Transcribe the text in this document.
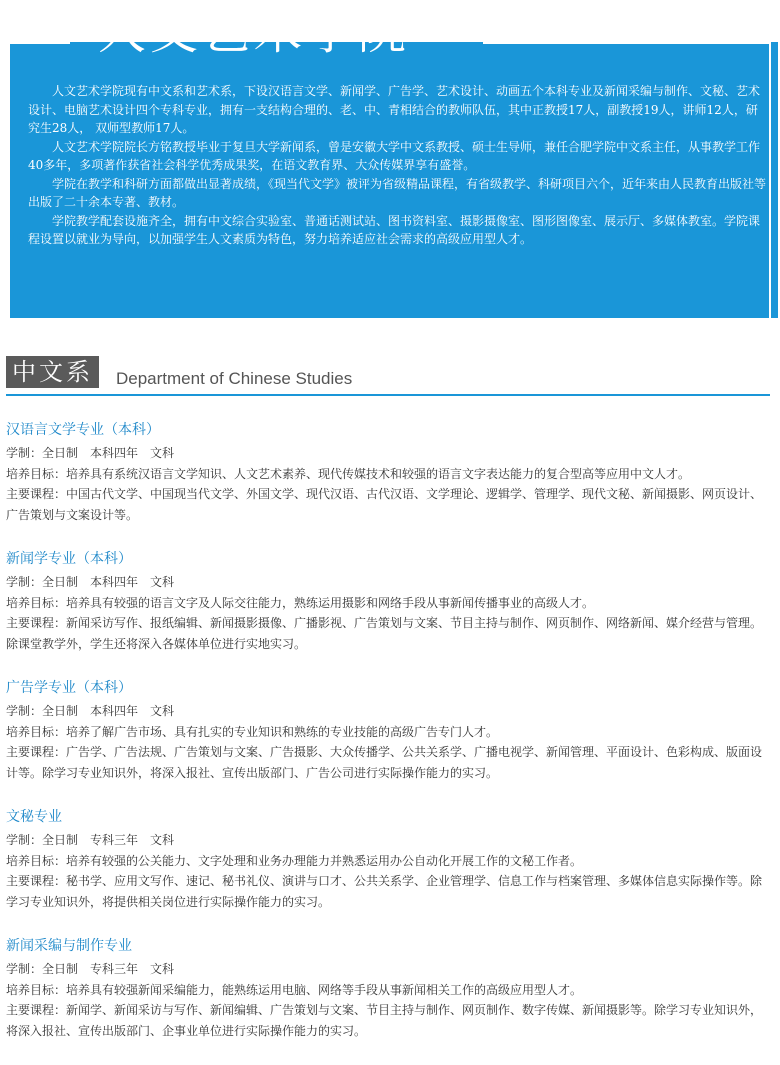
人文艺术学院

人文艺术学院现有中文系和艺术系，下设汉语言文学、新闻学、广告学、艺术设计、动画五个本科专业及新闻采编与制作、文秘、艺术设计、电脑艺术设计四个专科专业，拥有一支结构合理的、老、中、青相结合的教师队伍，其中正教授17人，副教授19人，讲师12人，研究生28人， 双师型教师17人。

人文艺术学院院长方铭教授毕业于复旦大学新闻系，曾是安徽大学中文系教授、硕士生导师，兼任合肥学院中文系主任，从事教学工作40多年，多项著作获省社会科学优秀成果奖，在语文教育界、大众传媒界享有盛誉。

学院在教学和科研方面都做出显著成绩，《现当代文学》被评为省级精品课程，有省级教学、科研项目六个，近年来由人民教育出版社等出版了二十余本专著、教材。

学院教学配套设施齐全，拥有中文综合实验室、普通话测试站、图书资料室、摄影摄像室、图形图像室、展示厅、多媒体教室。学院课程设置以就业为导向，以加强学生人文素质为特色，努力培养适应社会需求的高级应用型人才。

中文系	Department of Chinese Studies
汉语言文学专业（本科）

学制：全日制　本科四年　文科

培养目标：培养具有系统汉语言文学知识、人文艺术素养、现代传媒技术和较强的语言文字表达能力的复合型高等应用中文人才。

主要课程：中国古代文学、中国现当代文学、外国文学、现代汉语、古代汉语、文学理论、逻辑学、管理学、现代文秘、新闻摄影、网页设计、广告策划与文案设计等。

新闻学专业（本科）

学制：全日制　本科四年　文科

培养目标：培养具有较强的语言文字及人际交往能力，熟练运用摄影和网络手段从事新闻传播事业的高级人才。

主要课程：新闻采访写作、报纸编辑、新闻摄影摄像、广播影视、广告策划与文案、节目主持与制作、网页制作、网络新闻、媒介经营与管理。除课堂教学外，学生还将深入各媒体单位进行实地实习。

广告学专业（本科）

学制：全日制　本科四年　文科

培养目标：培养了解广告市场、具有扎实的专业知识和熟练的专业技能的高级广告专门人才。

主要课程：广告学、广告法规、广告策划与文案、广告摄影、大众传播学、公共关系学、广播电视学、新闻管理、平面设计、色彩构成、版面设计等。除学习专业知识外，将深入报社、宣传出版部门、广告公司进行实际操作能力的实习。

文秘专业

学制：全日制　专科三年　文科

培养目标：培养有较强的公关能力、文字处理和业务办理能力并熟悉运用办公自动化开展工作的文秘工作者。

主要课程：秘书学、应用文写作、速记、秘书礼仪、演讲与口才、公共关系学、企业管理学、信息工作与档案管理、多媒体信息实际操作等。除学习专业知识外，将提供相关岗位进行实际操作能力的实习。

新闻采编与制作专业

学制：全日制　专科三年　文科

培养目标：培养具有较强新闻采编能力，能熟练运用电脑、网络等手段从事新闻相关工作的高级应用型人才。

主要课程：新闻学、新闻采访与写作、新闻编辑、广告策划与文案、节目主持与制作、网页制作、数字传媒、新闻摄影等。除学习专业知识外，将深入报社、宣传出版部门、企事业单位进行实际操作能力的实习。
